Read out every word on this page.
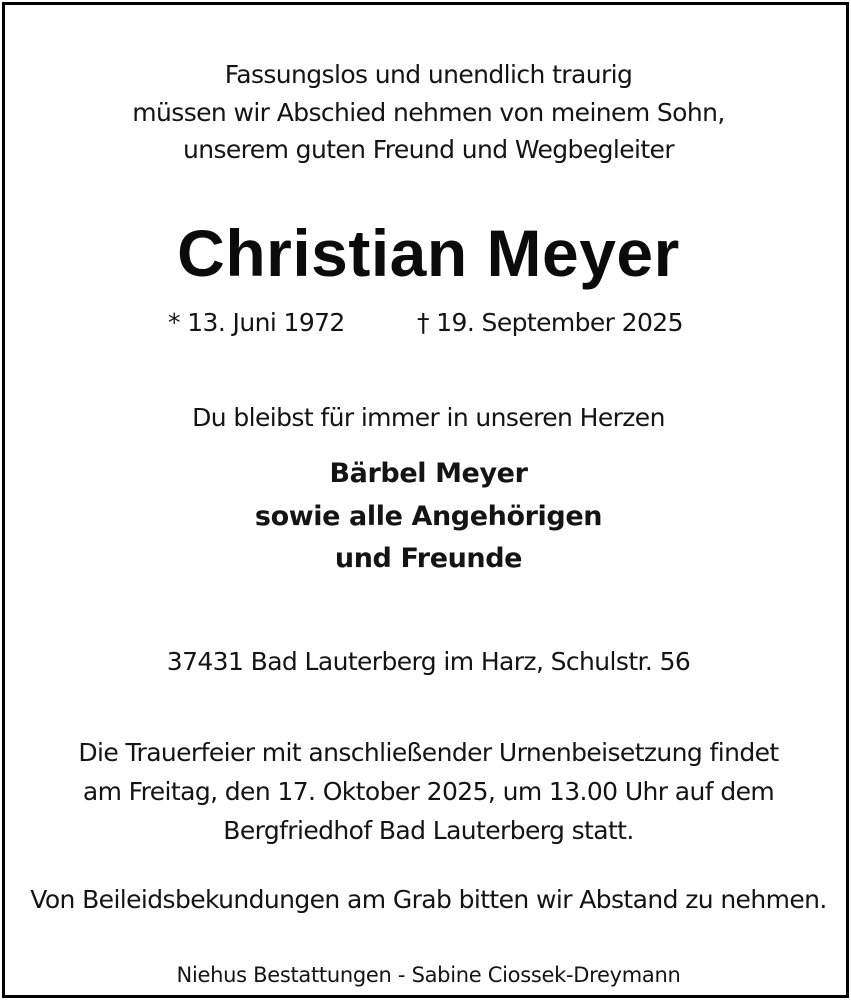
Fassungslos und unendlich traurig
müssen wir Abschied nehmen von meinem Sohn,
unserem guten Freund und Wegbegleiter
Christian Meyer
* 13. Juni 1972	† 19. September 2025
Du bleibst für immer in unseren Herzen
Bärbel Meyer
sowie alle Angehörigen
und Freunde
37431 Bad Lauterberg im Harz, Schulstr. 56
Die Trauerfeier mit anschließender Urnenbeisetzung findet
am Freitag, den 17. Oktober 2025, um 13.00 Uhr auf dem
Bergfriedhof Bad Lauterberg statt.
Von Beileidsbekundungen am Grab bitten wir Abstand zu nehmen.
Niehus Bestattungen - Sabine Ciossek-Dreymann
